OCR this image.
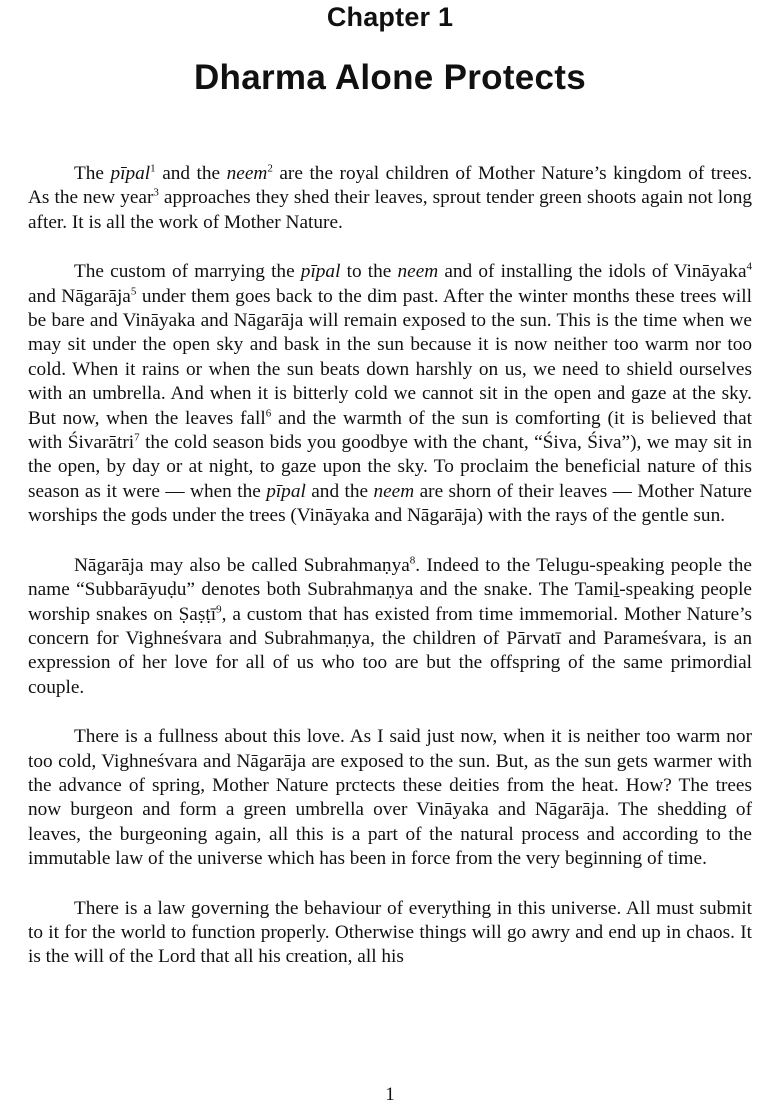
Chapter 1
Dharma Alone Protects

The pīpal$^1$ and the neem$^2$ are the royal children of Mother Nature’s kingdom of trees. As the new year$^3$ approaches they shed their leaves, sprout tender green shoots again not long after. It is all the work of Mother Nature.

The custom of marrying the pīpal to the neem and of installing the idols of Vināyaka$^4$ and Nāgarāja$^5$ under them goes back to the dim past. After the winter months these trees will be bare and Vināyaka and Nāgarāja will remain exposed to the sun. This is the time when we may sit under the open sky and bask in the sun because it is now neither too warm nor too cold. When it rains or when the sun beats down harshly on us, we need to shield ourselves with an umbrella. And when it is bitterly cold we cannot sit in the open and gaze at the sky. But now, when the leaves fall$^6$ and the warmth of the sun is comforting (it is believed that with Śivarātri$^7$ the cold season bids you goodbye with the chant, “Śiva, Śiva”), we may sit in the open, by day or at night, to gaze upon the sky. To proclaim the beneficial nature of this season as it were — when the pīpal and the neem are shorn of their leaves — Mother Nature worships the gods under the trees (Vināyaka and Nāgarāja) with the rays of the gentle sun.

Nāgarāja may also be called Subrahmaṇya$^8$. Indeed to the Telugu-speaking people the name “Subbarāyuḍu” denotes both Subrahmaṇya and the snake. The Tamiḻ-speaking people worship snakes on Ṣaṣṭī$^9$, a custom that has existed from time immemorial. Mother Nature’s concern for Vighneśvara and Subrahmaṇya, the children of Pārvatī and Parameśvara, is an expression of her love for all of us who too are but the offspring of the same primordial couple.

There is a fullness about this love. As I said just now, when it is neither too warm nor too cold, Vighneśvara and Nāgarāja are exposed to the sun. But, as the sun gets warmer with the advance of spring, Mother Nature prctects these deities from the heat. How? The trees now burgeon and form a green umbrella over Vināyaka and Nāgarāja. The shedding of leaves, the burgeoning again, all this is a part of the natural process and according to the immutable law of the universe which has been in force from the very beginning of time.

There is a law governing the behaviour of everything in this universe. All must submit to it for the world to function properly. Otherwise things will go awry and end up in chaos. It is the will of the Lord that all his creation, all his

1
